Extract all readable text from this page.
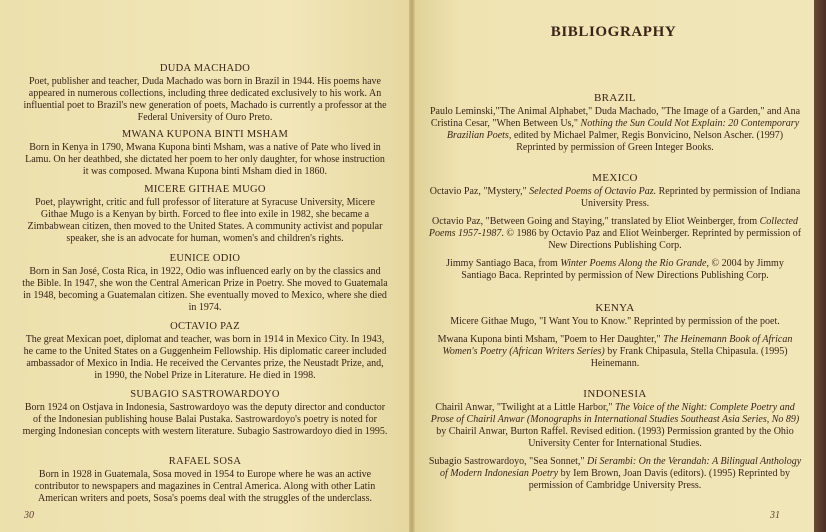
DUDA MACHADO

Poet, publisher and teacher, Duda Machado was born in Brazil in 1944. His poems have appeared in numerous collections, including three dedicated exclusively to his work. An influential poet to Brazil's new generation of poets, Machado is currently a professor at the Federal University of Ouro Preto.

MWANA KUPONA BINTI MSHAM

Born in Kenya in 1790, Mwana Kupona binti Msham, was a native of Pate who lived in Lamu. On her deathbed, she dictated her poem to her only daughter, for whose instruction it was composed. Mwana Kupona binti Msham died in 1860.

MICERE GITHAE MUGO

Poet, playwright, critic and full professor of literature at Syracuse University, Micere Githae Mugo is a Kenyan by birth. Forced to flee into exile in 1982, she became a Zimbabwean citizen, then moved to the United States. A community activist and popular speaker, she is an advocate for human, women's and children's rights.

EUNICE ODIO

Born in San José, Costa Rica, in 1922, Odio was influenced early on by the classics and the Bible. In 1947, she won the Central American Prize in Poetry. She moved to Guatemala in 1948, becoming a Guatemalan citizen. She eventually moved to Mexico, where she died in 1974.

OCTAVIO PAZ

The great Mexican poet, diplomat and teacher, was born in 1914 in Mexico City. In 1943, he came to the United States on a Guggenheim Fellowship. His diplomatic career included ambassador of Mexico in India. He received the Cervantes prize, the Neustadt Prize, and, in 1990, the Nobel Prize in Literature. He died in 1998.

SUBAGIO SASTROWARDOYO

Born 1924 on Ostjava in Indonesia, Sastrowardoyo was the deputy director and conductor of the Indonesian publishing house Balai Pustaka. Sastrowardoyo's poetry is noted for merging Indonesian concepts with western literature. Subagio Sastrowardoyo died in 1995.

RAFAEL SOSA

Born in 1928 in Guatemala, Sosa moved in 1954 to Europe where he was an active contributor to newspapers and magazines in Central America. Along with other Latin American writers and poets, Sosa's poems deal with the struggles of the underclass.

30
BIBLIOGRAPHY
BRAZIL

Paulo Leminski,"The Animal Alphabet," Duda Machado, "The Image of a Garden," and Ana Cristina Cesar, "When Between Us," Nothing the Sun Could Not Explain: 20 Contemporary Brazilian Poets, edited by Michael Palmer, Regis Bonvicino, Nelson Ascher. (1997) Reprinted by permission of Green Integer Books.

MEXICO

Octavio Paz, "Mystery," Selected Poems of Octavio Paz. Reprinted by permission of Indiana University Press.

Octavio Paz, "Between Going and Staying," translated by Eliot Weinberger, from Collected Poems 1957-1987. © 1986 by Octavio Paz and Eliot Weinberger. Reprinted by permission of New Directions Publishing Corp.

Jimmy Santiago Baca, from Winter Poems Along the Rio Grande, © 2004 by Jimmy Santiago Baca. Reprinted by permission of New Directions Publishing Corp.

KENYA

Micere Githae Mugo, "I Want You to Know." Reprinted by permission of the poet.

Mwana Kupona binti Msham, "Poem to Her Daughter," The Heinemann Book of African Women's Poetry (African Writers Series) by Frank Chipasula, Stella Chipasula. (1995) Heinemann.

INDONESIA

Chairil Anwar, "Twilight at a Little Harbor," The Voice of the Night: Complete Poetry and Prose of Chairil Anwar (Monographs in International Studies Southeast Asia Series, No 89) by Chairil Anwar, Burton Raffel. Revised edition. (1993) Permission granted by the Ohio University Center for International Studies.

Subagio Sastrowardoyo, "Sea Sonnet," Di Serambi: On the Verandah: A Bilingual Anthology of Modern Indonesian Poetry by Iem Brown, Joan Davis (editors). (1995) Reprinted by permission of Cambridge University Press.

31
